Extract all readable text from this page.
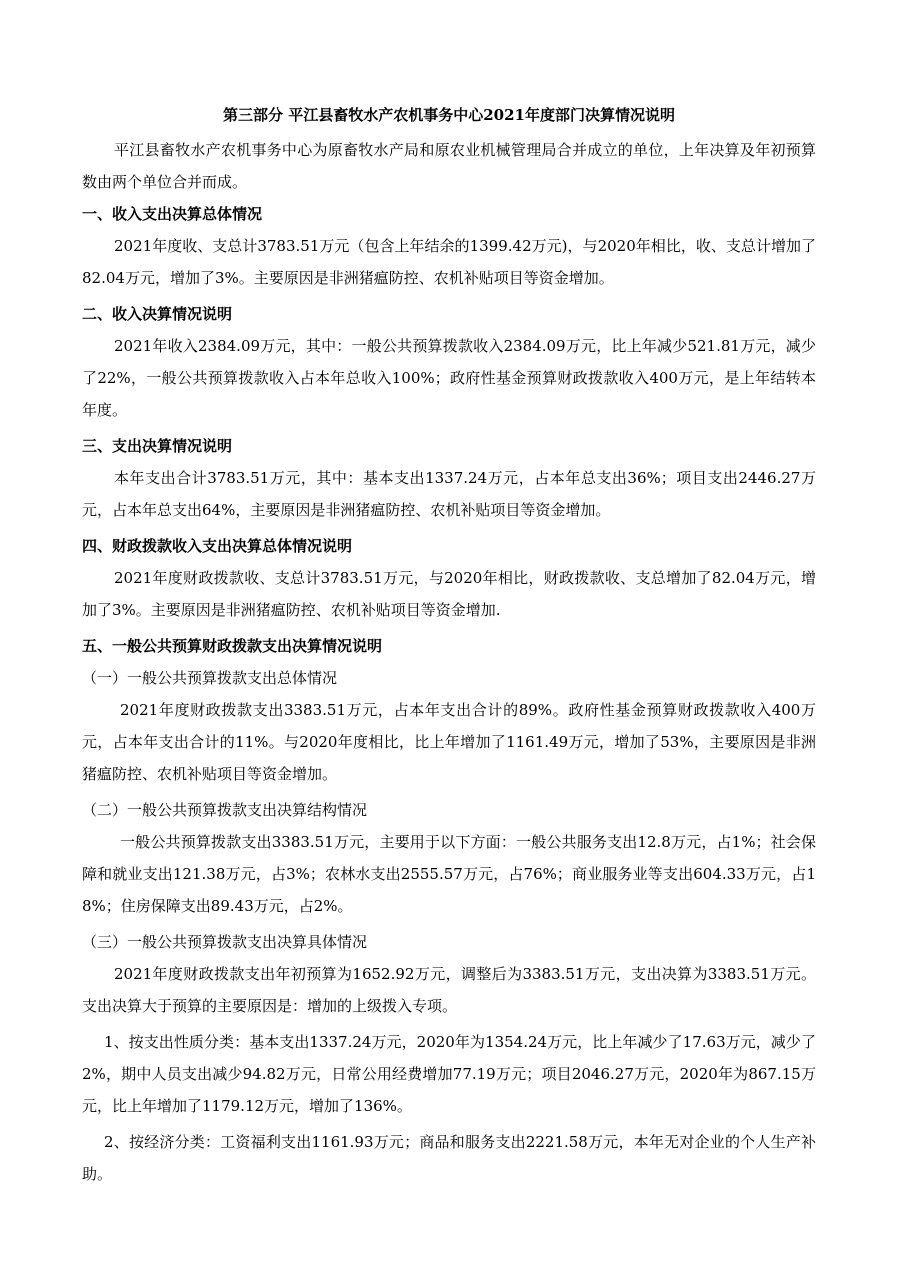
第三部分 平江县畜牧水产农机事务中心2021年度部门决算情况说明

平江县畜牧水产农机事务中心为原畜牧水产局和原农业机械管理局合并成立的单位，上年决算及年初预算数由两个单位合并而成。

一、收入支出决算总体情况

2021年度收、支总计3783.51万元（包含上年结余的1399.42万元)，与2020年相比，收、支总计增加了82.04万元，增加了3%。主要原因是非洲猪瘟防控、农机补贴项目等资金增加。

二、收入决算情况说明

2021年收入2384.09万元，其中：一般公共预算拨款收入2384.09万元，比上年减少521.81万元，减少了22%，一般公共预算拨款收入占本年总收入100%；政府性基金预算财政拨款收入400万元，是上年结转本年度。

三、支出决算情况说明

本年支出合计3783.51万元，其中：基本支出1337.24万元，占本年总支出36%；项目支出2446.27万元，占本年总支出64%，主要原因是非洲猪瘟防控、农机补贴项目等资金增加。

四、财政拨款收入支出决算总体情况说明

2021年度财政拨款收、支总计3783.51万元，与2020年相比，财政拨款收、支总增加了82.04万元，增加了3%。主要原因是非洲猪瘟防控、农机补贴项目等资金增加.

五、一般公共预算财政拨款支出决算情况说明

（一）一般公共预算拨款支出总体情况

2021年度财政拨款支出3383.51万元，占本年支出合计的89%。政府性基金预算财政拨款收入400万元，占本年支出合计的11%。与2020年度相比，比上年增加了1161.49万元，增加了53%，主要原因是非洲猪瘟防控、农机补贴项目等资金增加。

（二）一般公共预算拨款支出决算结构情况

一般公共预算拨款支出3383.51万元，主要用于以下方面：一般公共服务支出12.8万元，占1%；社会保障和就业支出121.38万元，占3%；农林水支出2555.57万元，占76%；商业服务业等支出604.33万元，占18%；住房保障支出89.43万元，占2%。

（三）一般公共预算拨款支出决算具体情况

2021年度财政拨款支出年初预算为1652.92万元，调整后为3383.51万元，支出决算为3383.51万元。支出决算大于预算的主要原因是：增加的上级拨入专项。

1、按支出性质分类：基本支出1337.24万元，2020年为1354.24万元，比上年减少了17.63万元，减少了2%，期中人员支出减少94.82万元，日常公用经费增加77.19万元；项目2046.27万元，2020年为867.15万元，比上年增加了1179.12万元，增加了136%。

2、按经济分类：工资福利支出1161.93万元；商品和服务支出2221.58万元，本年无对企业的个人生产补助。
